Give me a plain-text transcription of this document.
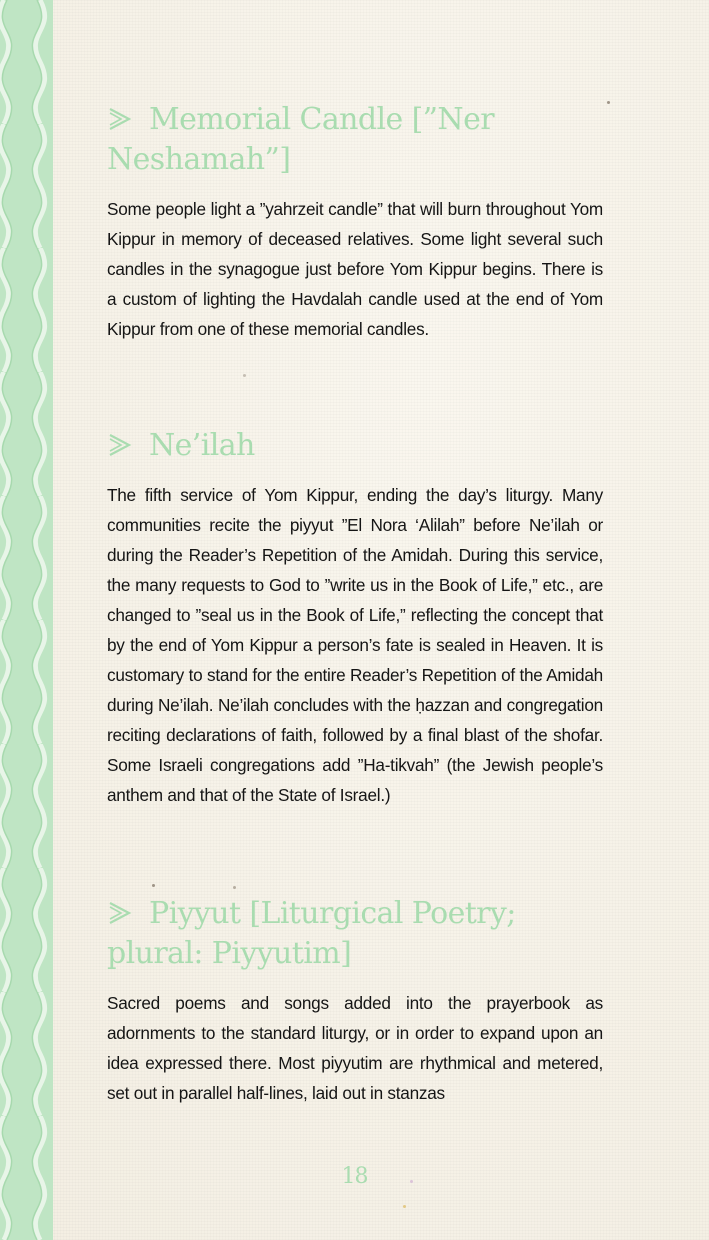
Memorial Candle [”Ner Neshamah”]

Some people light a ”yahrzeit candle” that will burn throughout Yom Kippur in memory of deceased relatives. Some light several such candles in the synagogue just before Yom Kippur begins. There is a custom of lighting the Havdalah candle used at the end of Yom Kippur from one of these memorial candles.

Ne’ilah

The fifth service of Yom Kippur, ending the day’s liturgy. Many communities recite the piyyut ”El Nora ‘Alilah” before Ne’ilah or during the Reader’s Repetition of the Amidah. During this service, the many requests to God to ”write us in the Book of Life,” etc., are changed to ”seal us in the Book of Life,” reflecting the concept that by the end of Yom Kippur a person’s fate is sealed in Heaven. It is customary to stand for the entire Reader’s Repetition of the Amidah during Ne’ilah. Ne’ilah concludes with the ḥazzan and congregation reciting declarations of faith, followed by a final blast of the shofar. Some Israeli congregations add ”Ha-tikvah” (the Jewish people’s anthem and that of the State of Israel.)

Piyyut [Liturgical Poetry; plural: Piyyutim]

Sacred poems and songs added into the prayerbook as adornments to the standard liturgy, or in order to expand upon an idea expressed there. Most piyyutim are rhythmical and metered, set out in parallel half-lines, laid out in stanzas

18
